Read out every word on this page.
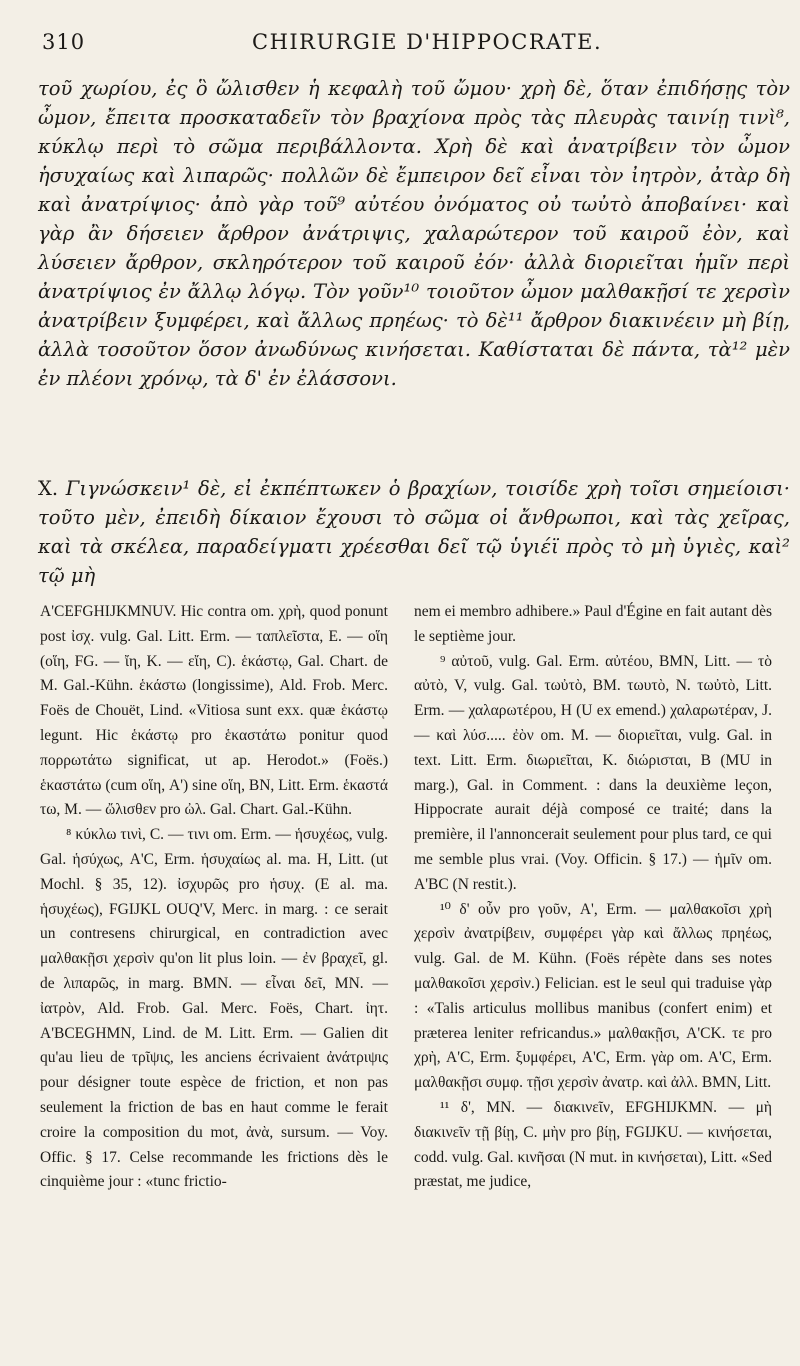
310	CHIRURGIE D'HIPPOCRATE.

τοῦ χωρίου, ἐς ὃ ὤλισθεν ἡ κεφαλὴ τοῦ ὤμου· χρὴ δὲ, ὅταν ἐπιδήσῃς τὸν ὦμον, ἔπειτα προσκαταδεῖν τὸν βραχίονα πρὸς τὰς πλευρὰς ταινίῃ τινὶ⁸, κύκλῳ περὶ τὸ σῶμα περιβάλλοντα. Χρὴ δὲ καὶ ἀνατρίβειν τὸν ὦμον ἡσυχαίως καὶ λιπαρῶς· πολλῶν δὲ ἔμπειρον δεῖ εἶναι τὸν ἰητρὸν, ἀτὰρ δὴ καὶ ἀνατρίψιος· ἀπὸ γὰρ τοῦ⁹ αὐτέου ὀνόματος οὐ τωὐτὸ ἀποβαίνει· καὶ γὰρ ἂν δήσειεν ἄρθρον ἀνάτριψις, χαλαρώτερον τοῦ καιροῦ ἐὸν, καὶ λύσειεν ἄρθρον, σκληρότερον τοῦ καιροῦ ἐόν· ἀλλὰ διοριεῖται ἡμῖν περὶ ἀνατρίψιος ἐν ἄλλῳ λόγῳ. Τὸν γοῦν¹⁰ τοιοῦτον ὦμον μαλθακῇσί τε χερσὶν ἀνατρίβειν ξυμφέρει, καὶ ἄλλως πρηέως· τὸ δὲ¹¹ ἄρθρον διακινέειν μὴ βίῃ, ἀλλὰ τοσοῦτον ὅσον ἀνωδύνως κινήσεται. Καθίσταται δὲ πάντα, τὰ¹² μὲν ἐν πλέονι χρόνῳ, τὰ δ' ἐν ἐλάσσονι.

X. Γιγνώσκειν¹ δὲ, εἰ ἐκπέπτωκεν ὁ βραχίων, τοισίδε χρὴ τοῖσι σημείοισι· τοῦτο μὲν, ἐπειδὴ δίκαιον ἔχουσι τὸ σῶμα οἱ ἄνθρωποι, καὶ τὰς χεῖρας, καὶ τὰ σκέλεα, παραδείγματι χρέεσθαι δεῖ τῷ ὑγιέϊ πρὸς τὸ μὴ ὑγιὲς, καὶ² τῷ μὴ

A'CEFGHIJKMNUV. Hic contra om. χρὴ, quod ponunt post ἰσχ. vulg. Gal. Litt. Erm. — ταπλεῖστα, E. — οἵη (οἵη, FG. — ἴη, K. — εἴη, C). ἑκάστῳ, Gal. Chart. de M. Gal.-Kühn. ἑκάστω (longissime), Ald. Frob. Merc. Foës de Chouët, Lind. «Vitiosa sunt exx. quæ ἑκάστῳ legunt. Hic ἑκάστῳ pro ἑκαστάτω ponitur quod πορρωτάτω significat, ut ap. Herodot.» (Foës.) ἑκαστάτω (cum οἵη, A') sine οἵη, BN, Litt. Erm. ἑκαστά τω, M. — ὤλισθεν pro ὠλ. Gal. Chart. Gal.-Kühn.

⁸ κύκλω τινὶ, C. — τινι om. Erm. — ἡσυχέως, vulg. Gal. ἡσύχως, A'C, Erm. ἡσυχαίως al. ma. H, Litt. (ut Mochl. § 35, 12). ἰσχυρῶς pro ἡσυχ. (E al. ma. ἡσυχέως), FGIJKL OUQ'V, Merc. in marg. : ce serait un contresens chirurgical, en contradiction avec μαλθακῇσι χερσὶν qu'on lit plus loin. — ἐν βραχεῖ, gl. de λιπαρῶς, in marg. BMN. — εἶναι δεῖ, MN. — ἰατρὸν, Ald. Frob. Gal. Merc. Foës, Chart. ἰητ. A'BCEGHMN, Lind. de M. Litt. Erm. — Galien dit qu'au lieu de τρῖψις, les anciens écrivaient ἀνάτριψις pour désigner toute espèce de friction, et non pas seulement la friction de bas en haut comme le ferait croire la composition du mot, ἀνὰ, sursum. — Voy. Offic. § 17. Celse recommande les frictions dès le cinquième jour : «tunc frictio-

nem ei membro adhibere.» Paul d'Égine en fait autant dès le septième jour.

⁹ αὐτοῦ, vulg. Gal. Erm. αὐτέου, BMN, Litt. — τὸ αὐτὸ, V, vulg. Gal. τωὐτὸ, BM. τωυτὸ, N. τωὐτὸ, Litt. Erm. — χαλαρωτέρου, H (U ex emend.) χαλαρωτέραν, J. — καὶ λύσ..... ἐὸν om. M. — διοριεῖται, vulg. Gal. in text. Litt. Erm. διωριεῖται, K. διώρισται, B (MU in marg.), Gal. in Comment. : dans la deuxième leçon, Hippocrate aurait déjà composé ce traité; dans la première, il l'annoncerait seulement pour plus tard, ce qui me semble plus vrai. (Voy. Officin. § 17.) — ἡμῖν om. A'BC (N restit.).

¹⁰ δ' οὖν pro γοῦν, A', Erm. — μαλθακοῖσι χρὴ χερσὶν ἀνατρίβειν, συμφέρει γὰρ καὶ ἄλλως πρηέως, vulg. Gal. de M. Kühn. (Foës répète dans ses notes μαλθακοῖσι χερσὶν.) Felician. est le seul qui traduise γὰρ : «Talis articulus mollibus manibus (confert enim) et præterea leniter refricandus.» μαλθακῇσι, A'CK. τε pro χρὴ, A'C, Erm. ξυμφέρει, A'C, Erm. γὰρ om. A'C, Erm. μαλθακῇσι συμφ. τῇσι χερσὶν ἀνατρ. καὶ ἀλλ. BMN, Litt.

¹¹ δ', MN. — διακινεῖν, EFGHIJKMN. — μὴ διακινεῖν τῇ βίῃ, C. μὴν pro βίῃ, FGIJKU. — κινήσεται, codd. vulg. Gal. κινῆσαι (N mut. in κινήσεται), Litt. «Sed præstat, me judice,
